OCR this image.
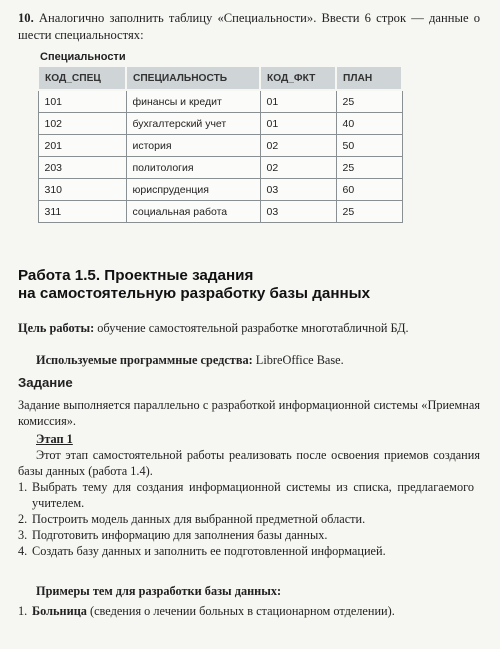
10. Аналогично заполнить таблицу «Специальности». Ввести 6 строк — данные о шести специальностях:
Специальности
КОД_СПЕЦ	СПЕЦИАЛЬНОСТЬ	КОД_ФКТ	ПЛАН
101	финансы и кредит	01	25
102	бухгалтерский учет	01	40
201	история	02	50
203	политология	02	25
310	юриспруденция	03	60
311	социальная работа	03	25
Работа 1.5. Проектные задания
на самостоятельную разработку базы данных
Цель работы: обучение самостоятельной разработке многотабличной БД.
Используемые программные средства: LibreOffice Base.
Задание
Задание выполняется параллельно с разработкой информационной системы «Приемная комиссия».
Этап 1
Этот этап самостоятельной работы реализовать после освоения приемов создания базы данных (работа 1.4).
1. Выбрать тему для создания информационной системы из списка, предлагаемого учителем.
2. Построить модель данных для выбранной предметной области.
3. Подготовить информацию для заполнения базы данных.
4. Создать базу данных и заполнить ее подготовленной информацией.
Примеры тем для разработки базы данных:
1. Больница (сведения о лечении больных в стационарном отделении).
